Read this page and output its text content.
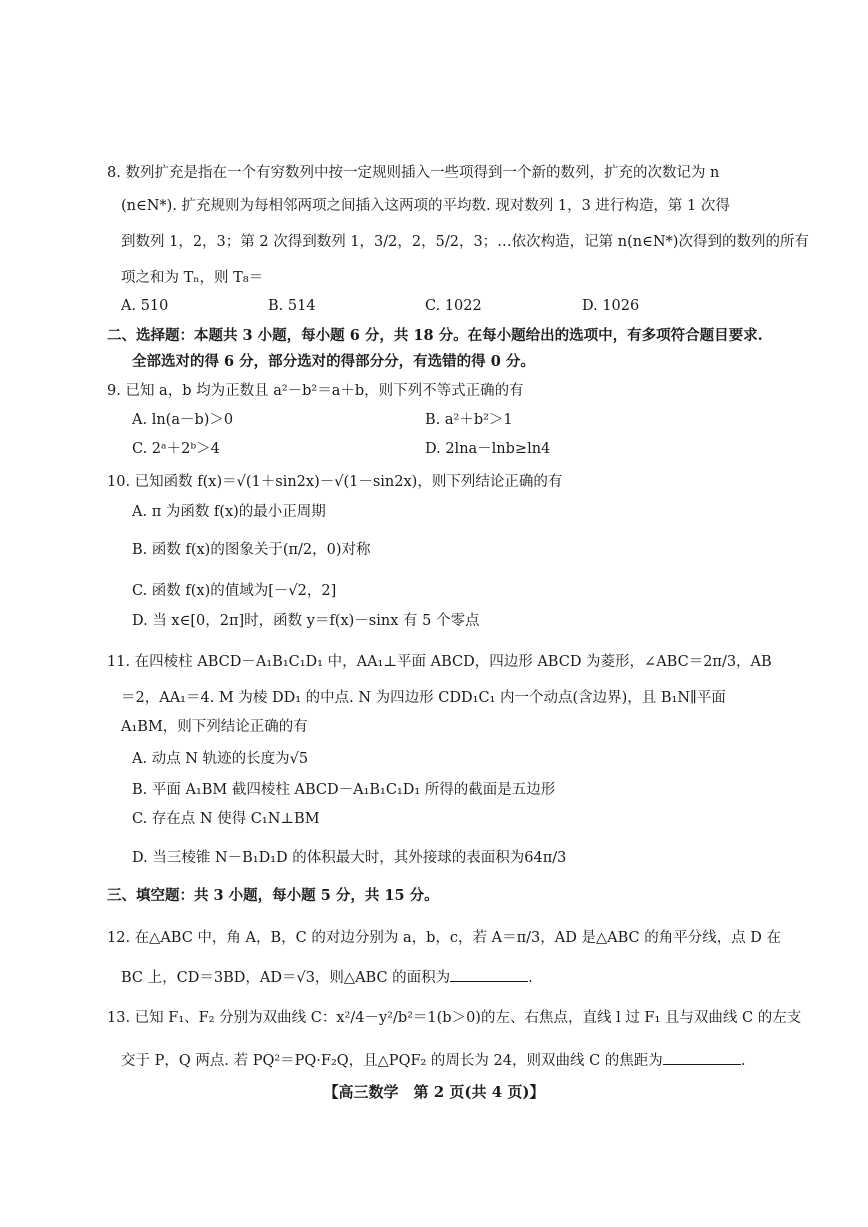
8. 数列扩充是指在一个有穷数列中按一定规则插入一些项得到一个新的数列，扩充的次数记为 n
(n∈N*). 扩充规则为每相邻两项之间插入这两项的平均数. 现对数列 1，3 进行构造，第 1 次得
到数列 1，2，3；第 2 次得到数列 1，3/2，2，5/2，3；…依次构造，记第 n(n∈N*)次得到的数列的所有
项之和为 Tₙ，则 T₈＝
A. 510	B. 514	C. 1022	D. 1026
二、选择题：本题共 3 小题，每小题 6 分，共 18 分。在每小题给出的选项中，有多项符合题目要求.
全部选对的得 6 分，部分选对的得部分分，有选错的得 0 分。
9. 已知 a，b 均为正数且 a²－b²＝a＋b，则下列不等式正确的有
A. ln(a－b)＞0	B. a²＋b²＞1
C. 2ᵃ＋2ᵇ＞4	D. 2lna－lnb≥ln4
10. 已知函数 f(x)＝√(1＋sin2x)－√(1－sin2x)，则下列结论正确的有
A. π 为函数 f(x)的最小正周期
B. 函数 f(x)的图象关于(π/2，0)对称
C. 函数 f(x)的值域为[－√2，2]
D. 当 x∈[0，2π]时，函数 y＝f(x)－sinx 有 5 个零点
11. 在四棱柱 ABCD－A₁B₁C₁D₁ 中，AA₁⊥平面 ABCD，四边形 ABCD 为菱形，∠ABC＝2π/3，AB
＝2，AA₁＝4. M 为棱 DD₁ 的中点. N 为四边形 CDD₁C₁ 内一个动点(含边界)，且 B₁N∥平面
A₁BM，则下列结论正确的有
A. 动点 N 轨迹的长度为√5
B. 平面 A₁BM 截四棱柱 ABCD－A₁B₁C₁D₁ 所得的截面是五边形
C. 存在点 N 使得 C₁N⊥BM
D. 当三棱锥 N－B₁D₁D 的体积最大时，其外接球的表面积为64π/3
三、填空题：共 3 小题，每小题 5 分，共 15 分。
12. 在△ABC 中，角 A，B，C 的对边分别为 a，b，c，若 A＝π/3，AD 是△ABC 的角平分线，点 D 在
BC 上，CD＝3BD，AD＝√3，则△ABC 的面积为	.
13. 已知 F₁、F₂ 分别为双曲线 C：x²/4－y²/b²＝1(b＞0)的左、右焦点，直线 l 过 F₁ 且与双曲线 C 的左支
交于 P，Q 两点. 若 PQ²＝PQ·F₂Q，且△PQF₂ 的周长为 24，则双曲线 C 的焦距为	.
【高三数学　第 2 页(共 4 页)】
